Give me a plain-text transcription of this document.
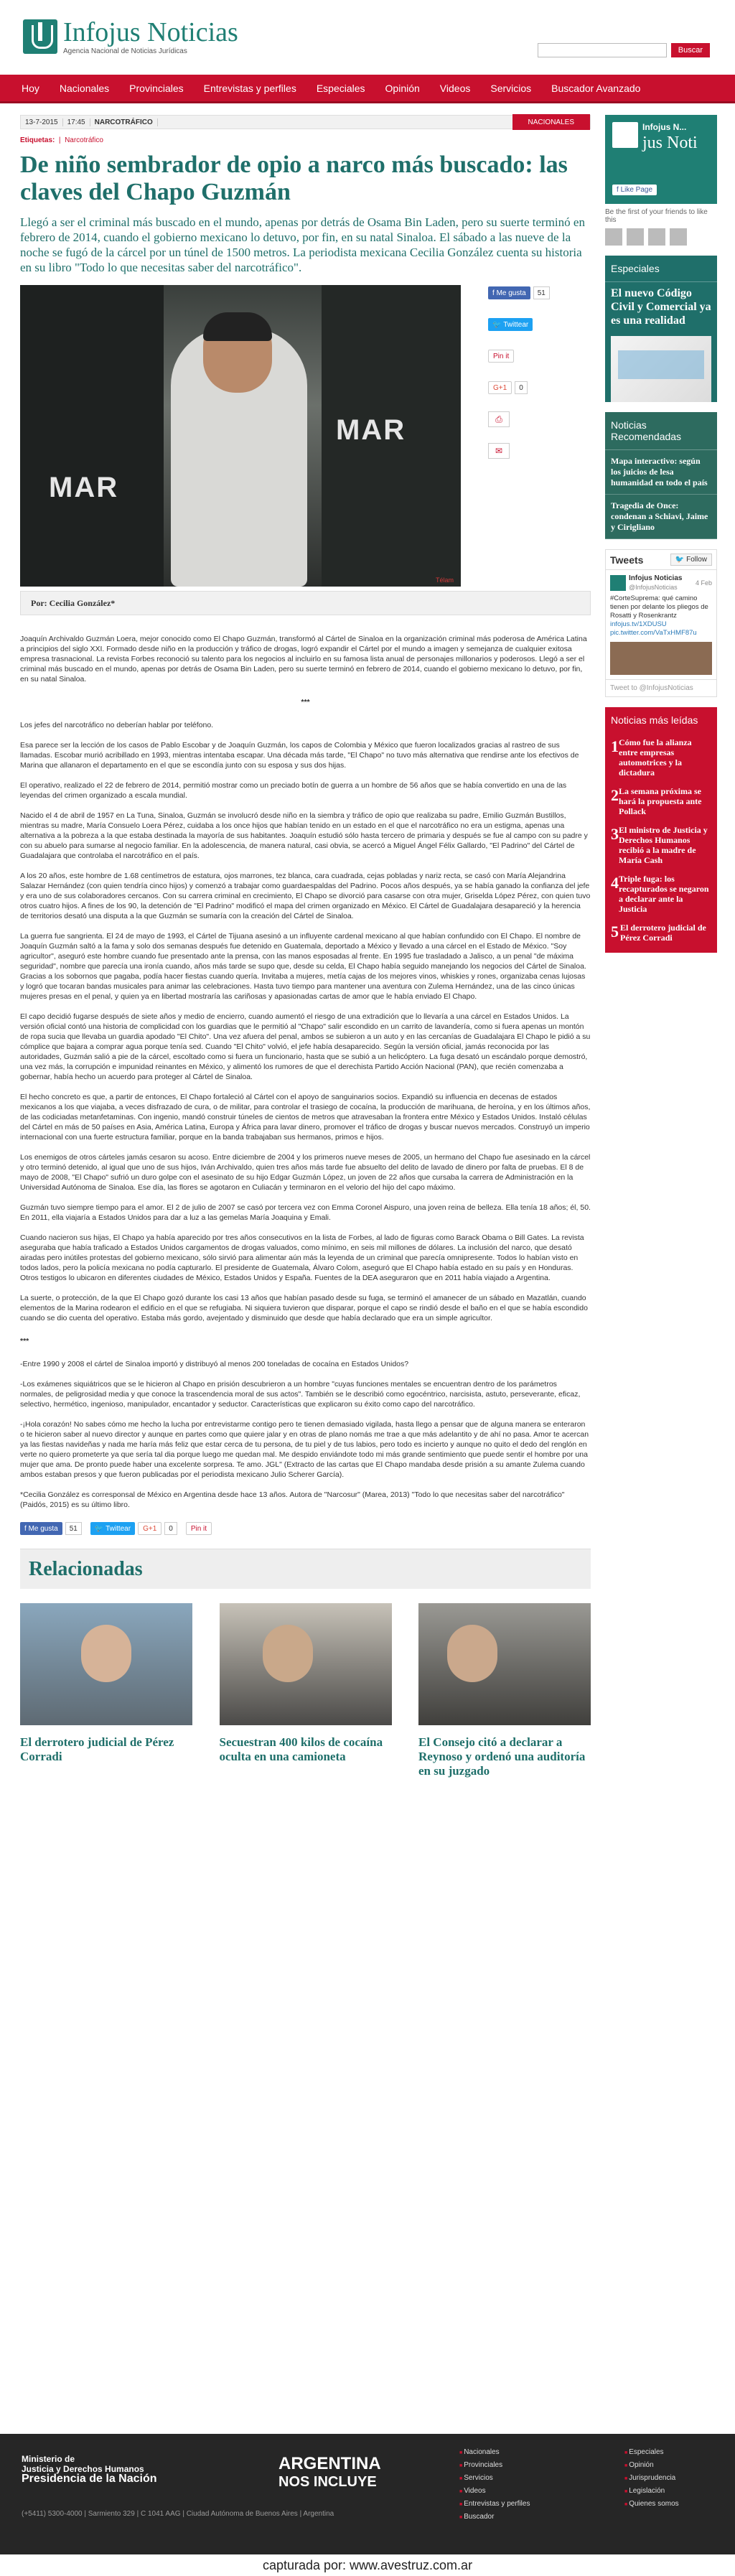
Infojus Noticias
Agencia Nacional de Noticias Jurídicas	Buscar
Hoy Nacionales Provinciales Entrevistas y perfiles Especiales Opinión Videos Servicios Buscador Avanzado
13-7-2015	17:45	NARCOTRÁFICO	NACIONALES
Etiquetas:  |  Narcotráfico
De niño sembrador de opio a narco más buscado: las claves del Chapo Guzmán
Llegó a ser el criminal más buscado en el mundo, apenas por detrás de Osama Bin Laden, pero su suerte terminó en febrero de 2014, cuando el gobierno mexicano lo detuvo, por fin, en su natal Sinaloa. El sábado a las nueve de la noche se fugó de la cárcel por un túnel de 1500 metros. La periodista mexicana Cecilia González cuenta su historia en su libro "Todo lo que necesitas saber del narcotráfico".
MAR
MAR
Télam
f Me gusta	51
🐦 Twittear
Pin it
G+1	0
⎙
✉
Por: Cecilia González*

Joaquín Archivaldo Guzmán Loera, mejor conocido como El Chapo Guzmán, transformó al Cártel de Sinaloa en la organización criminal más poderosa de América Latina a principios del siglo XXI. Formado desde niño en la producción y tráfico de drogas, logró expandir el Cártel por el mundo a imagen y semejanza de cualquier exitosa empresa trasnacional. La revista Forbes reconoció su talento para los negocios al incluirlo en su famosa lista anual de personajes millonarios y poderosos. Llegó a ser el criminal más buscado en el mundo, apenas por detrás de Osama Bin Laden, pero su suerte terminó en febrero de 2014, cuando el gobierno mexicano lo detuvo, por fin, en su natal Sinaloa.

***

Los jefes del narcotráfico no deberían hablar por teléfono.

Esa parece ser la lección de los casos de Pablo Escobar y de Joaquín Guzmán, los capos de Colombia y México que fueron localizados gracias al rastreo de sus llamadas. Escobar murió acribillado en 1993, mientras intentaba escapar. Una década más tarde, "El Chapo" no tuvo más alternativa que rendirse ante los efectivos de Marina que allanaron el departamento en el que se escondía junto con su esposa y sus dos hijas.

El operativo, realizado el 22 de febrero de 2014, permitió mostrar como un preciado botín de guerra a un hombre de 56 años que se había convertido en una de las leyendas del crimen organizado a escala mundial.

Nacido el 4 de abril de 1957 en La Tuna, Sinaloa, Guzmán se involucró desde niño en la siembra y tráfico de opio que realizaba su padre, Emilio Guzmán Bustillos, mientras su madre, María Consuelo Loera Pérez, cuidaba a los once hijos que habían tenido en un estado en el que el narcotráfico no era un estigma, apenas una alternativa a la pobreza a la que estaba destinada la mayoría de sus habitantes. Joaquín estudió sólo hasta tercero de primaria y después se fue al campo con su padre y con su abuelo para sumarse al negocio familiar. En la adolescencia, de manera natural, casi obvia, se acercó a Miguel Ángel Félix Gallardo, "El Padrino" del Cártel de Guadalajara que controlaba el narcotráfico en el país.

A los 20 años, este hombre de 1.68 centímetros de estatura, ojos marrones, tez blanca, cara cuadrada, cejas pobladas y nariz recta, se casó con María Alejandrina Salazar Hernández (con quien tendría cinco hijos) y comenzó a trabajar como guardaespaldas del Padrino. Pocos años después, ya se había ganado la confianza del jefe y era uno de sus colaboradores cercanos. Con su carrera criminal en crecimiento, El Chapo se divorció para casarse con otra mujer, Griselda López Pérez, con quien tuvo otros cuatro hijos. A fines de los 90, la detención de "El Padrino" modificó el mapa del crimen organizado en México. El Cártel de Guadalajara desapareció y la herencia de territorios desató una disputa a la que Guzmán se sumaría con la creación del Cártel de Sinaloa.

La guerra fue sangrienta. El 24 de mayo de 1993, el Cártel de Tijuana asesinó a un influyente cardenal mexicano al que habían confundido con El Chapo. El nombre de Joaquín Guzmán saltó a la fama y solo dos semanas después fue detenido en Guatemala, deportado a México y llevado a una cárcel en el Estado de México. "Soy agricultor", aseguró este hombre cuando fue presentado ante la prensa, con las manos esposadas al frente. En 1995 fue trasladado a Jalisco, a un penal "de máxima seguridad", nombre que parecía una ironía cuando, años más tarde se supo que, desde su celda, El Chapo había seguido manejando los negocios del Cártel de Sinaloa. Gracias a los sobornos que pagaba, podía hacer fiestas cuando quería. Invitaba a mujeres, metía cajas de los mejores vinos, whiskies y rones, organizaba cenas lujosas y logró que tocaran bandas musicales para animar las celebraciones. Hasta tuvo tiempo para mantener una aventura con Zulema Hernández, una de las cinco únicas mujeres presas en el penal, y quien ya en libertad mostraría las cariñosas y apasionadas cartas de amor que le había enviado El Chapo.

El capo decidió fugarse después de siete años y medio de encierro, cuando aumentó el riesgo de una extradición que lo llevaría a una cárcel en Estados Unidos. La versión oficial contó una historia de complicidad con los guardias que le permitió al "Chapo" salir escondido en un carrito de lavandería, como si fuera apenas un montón de ropa sucia que llevaba un guardia apodado "El Chito". Una vez afuera del penal, ambos se subieron a un auto y en las cercanías de Guadalajara El Chapo le pidió a su cómplice que bajara a comprar agua porque tenía sed. Cuando "El Chito" volvió, el jefe había desaparecido. Según la versión oficial, jamás reconocida por las autoridades, Guzmán salió a pie de la cárcel, escoltado como si fuera un funcionario, hasta que se subió a un helicóptero. La fuga desató un escándalo porque demostró, una vez más, la corrupción e impunidad reinantes en México, y alimentó los rumores de que el derechista Partido Acción Nacional (PAN), que recién comenzaba a gobernar, había hecho un acuerdo para proteger al Cártel de Sinaloa.

El hecho concreto es que, a partir de entonces, El Chapo fortaleció al Cártel con el apoyo de sanguinarios socios. Expandió su influencia en decenas de estados mexicanos a los que viajaba, a veces disfrazado de cura, o de militar, para controlar el trasiego de cocaína, la producción de marihuana, de heroína, y en los últimos años, de las codiciadas metanfetaminas. Con ingenio, mandó construir túneles de cientos de metros que atravesaban la frontera entre México y Estados Unidos. Instaló células del Cártel en más de 50 países en Asia, América Latina, Europa y África para lavar dinero, promover el tráfico de drogas y buscar nuevos mercados. Construyó un imperio internacional con una fuerte estructura familiar, porque en la banda trabajaban sus hermanos, primos e hijos.

Los enemigos de otros cárteles jamás cesaron su acoso. Entre diciembre de 2004 y los primeros nueve meses de 2005, un hermano del Chapo fue asesinado en la cárcel y otro terminó detenido, al igual que uno de sus hijos, Iván Archivaldo, quien tres años más tarde fue absuelto del delito de lavado de dinero por falta de pruebas. El 8 de mayo de 2008, "El Chapo" sufrió un duro golpe con el asesinato de su hijo Edgar Guzmán López, un joven de 22 años que cursaba la carrera de Administración en la Universidad Autónoma de Sinaloa. Ese día, las flores se agotaron en Culiacán y terminaron en el velorio del hijo del capo máximo.

Guzmán tuvo siempre tiempo para el amor. El 2 de julio de 2007 se casó por tercera vez con Emma Coronel Aispuro, una joven reina de belleza. Ella tenía 18 años; él, 50. En 2011, ella viajaría a Estados Unidos para dar a luz a las gemelas María Joaquina y Emali.

Cuando nacieron sus hijas, El Chapo ya había aparecido por tres años consecutivos en la lista de Forbes, al lado de figuras como Barack Obama o Bill Gates. La revista aseguraba que había traficado a Estados Unidos cargamentos de drogas valuados, como mínimo, en seis mil millones de dólares. La inclusión del narco, que desató airadas pero inútiles protestas del gobierno mexicano, sólo sirvió para alimentar aún más la leyenda de un criminal que parecía omnipresente. Todos lo habían visto en todos lados, pero la policía mexicana no podía capturarlo. El presidente de Guatemala, Álvaro Colom, aseguró que El Chapo había estado en su país y en Honduras. Otros testigos lo ubicaron en diferentes ciudades de México, Estados Unidos y España. Fuentes de la DEA aseguraron que en 2011 había viajado a Argentina.

La suerte, o protección, de la que El Chapo gozó durante los casi 13 años que habían pasado desde su fuga, se terminó el amanecer de un sábado en Mazatlán, cuando elementos de la Marina rodearon el edificio en el que se refugiaba. Ni siquiera tuvieron que disparar, porque el capo se rindió desde el baño en el que se había escondido cuando se dio cuenta del operativo. Estaba más gordo, avejentado y disminuido que desde que había declarado que era un simple agricultor.

***

-Entre 1990 y 2008 el cártel de Sinaloa importó y distribuyó al menos 200 toneladas de cocaína en Estados Unidos?

-Los exámenes siquiátricos que se le hicieron al Chapo en prisión descubrieron a un hombre "cuyas funciones mentales se encuentran dentro de los parámetros normales, de peligrosidad media y que conoce la trascendencia moral de sus actos". También se le describió como egocéntrico, narcisista, astuto, perseverante, eficaz, selectivo, hermético, ingenioso, manipulador, encantador y seductor. Características que explicaron su éxito como capo del narcotráfico.

-¡Hola corazón! No sabes cómo me hecho la lucha por entrevistarme contigo pero te tienen demasiado vigilada, hasta llego a pensar que de alguna manera se enteraron o te hicieron saber al nuevo director y aunque en partes como que quiere jalar y en otras de plano nomás me trae a que más adelantito y de ahí no pasa. Amor te acercan ya las fiestas navideñas y nada me haría más feliz que estar cerca de tu persona, de tu piel y de tus labios, pero todo es incierto y aunque no quito el dedo del renglón en verte no quiero prometerte ya que sería tal dia porque luego me quedan mal. Me despido enviándote todo mi más grande sentimiento que puede sentir el hombre por una mujer que ama. De pronto puede haber una excelente sorpresa. Te amo. JGL" (Extracto de las cartas que El Chapo mandaba desde prisión a su amante Zulema cuando ambos estaban presos y que fueron publicadas por el periodista mexicano Julio Scherer García).

*Cecilia González es corresponsal de México en Argentina desde hace 13 años. Autora de "Narcosur" (Marea, 2013) "Todo lo que necesitas saber del narcotráfico" (Paidós, 2015) es su último libro.

f Me gusta	51	🐦 Twittear	G+1	0	Pin it
Relacionadas
El derrotero judicial de Pérez Corradi
Secuestran 400 kilos de cocaína oculta en una camioneta
El Consejo citó a declarar a Reynoso y ordenó una auditoría en su juzgado
Infojus N...
jus Noti
f Like Page
Be the first of your friends to like this
Especiales
El nuevo Código Civil y Comercial ya es una realidad
Noticias Recomendadas
Mapa interactivo: según los juicios de lesa humanidad en todo el país
Tragedia de Once: condenan a Schiavi, Jaime y Cirigliano
Tweets	🐦 Follow
Infojus Noticias
@InfojusNoticias
4 Feb
#CorteSuprema: qué camino tienen por delante los pliegos de Rosatti y Rosenkrantz
infojus.tv/1XDUSU pic.twitter.com/VaTxHMF87u
Tweet to @InfojusNoticias
Noticias más leídas
1 Cómo fue la alianza entre empresas automotrices y la dictadura
2 La semana próxima se hará la propuesta ante Pollack
3 El ministro de Justicia y Derechos Humanos recibió a la madre de María Cash
4 Triple fuga: los recapturados se negaron a declarar ante la Justicia
5 El derrotero judicial de Pérez Corradi
Ministerio de
Justicia y Derechos Humanos
Presidencia de la Nación
ARGENTINA
NOS INCLUYE
(+5411) 5300-4000 | Sarmiento 329 | C 1041 AAG | Ciudad Autónoma de Buenos Aires | Argentina
■ Nacionales
■ Provinciales
■ Servicios
■ Videos
■ Entrevistas y perfiles
■ Buscador
■ Especiales
■ Opinión
■ Jurisprudencia
■ Legislación
■ Quienes somos
capturada por: www.avestruz.com.ar
